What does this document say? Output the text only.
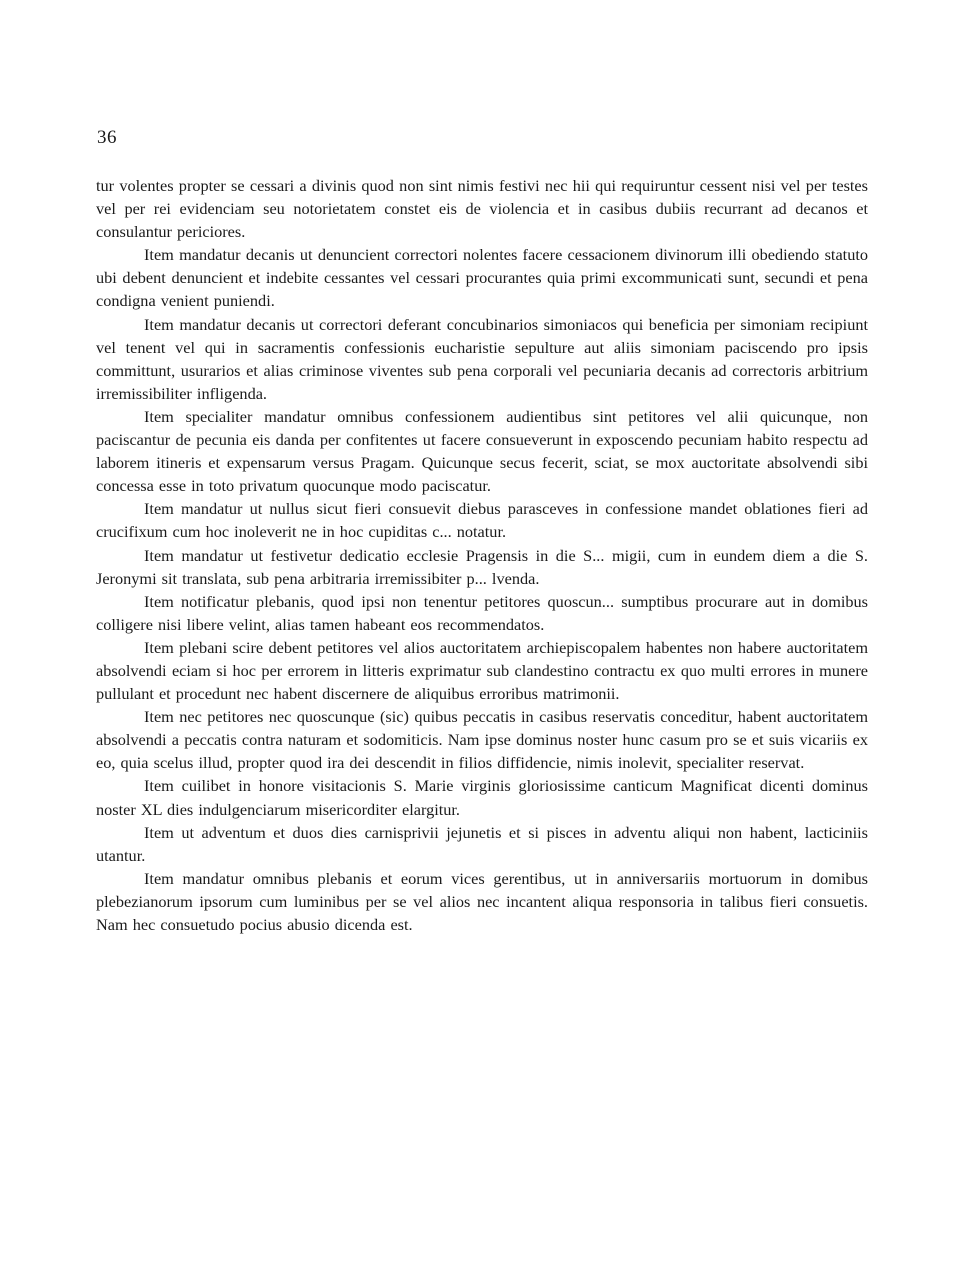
36

tur volentes propter se cessari a divinis quod non sint nimis festivi nec hii qui requiruntur cessent nisi vel per testes vel per rei evidenciam seu notorietatem constet eis de violencia et in casibus dubiis recurrant ad decanos et consulantur periciores.

Item mandatur decanis ut denuncient correctori nolentes facere cessacionem divinorum illi obediendo statuto ubi debent denuncient et indebite cessantes vel cessari procurantes quia primi excommunicati sunt, secundi et pena condigna venient puniendi.

Item mandatur decanis ut correctori deferant concubinarios simoniacos qui beneficia per simoniam recipiunt vel tenent vel qui in sacramentis confessionis eucharistie sepulture aut aliis simoniam paciscendo pro ipsis committunt, usurarios et alias criminose viventes sub pena corporali vel pecuniaria decanis ad correctoris arbitrium irremissibiliter infligenda.

Item specialiter mandatur omnibus confessionem audientibus sint petitores vel alii quicunque, non paciscantur de pecunia eis danda per confitentes ut facere consueverunt in exposcendo pecuniam habito respectu ad laborem itineris et expensarum versus Pragam. Quicunque secus fecerit, sciat, se mox auctoritate absolvendi sibi concessa esse in toto privatum quocunque modo paciscatur.

Item mandatur ut nullus sicut fieri consuevit diebus parasceves in confessione mandet oblationes fieri ad crucifixum cum hoc inoleverit ne in hoc cupiditas c... notatur.

Item mandatur ut festivetur dedicatio ecclesie Pragensis in die S... migii, cum in eundem diem a die S. Jeronymi sit translata, sub pena arbitraria irremissibiter p... lvenda.

Item notificatur plebanis, quod ipsi non tenentur petitores quoscun... sumptibus procurare aut in domibus colligere nisi libere velint, alias tamen habeant eos recommendatos.

Item plebani scire debent petitores vel alios auctoritatem archiepiscopalem habentes non habere auctoritatem absolvendi eciam si hoc per errorem in litteris exprimatur sub clandestino contractu ex quo multi errores in munere pullulant et procedunt nec habent discernere de aliquibus erroribus matrimonii.

Item nec petitores nec quoscunque (sic) quibus peccatis in casibus reservatis conceditur, habent auctoritatem absolvendi a peccatis contra naturam et sodomiticis. Nam ipse dominus noster hunc casum pro se et suis vicariis ex eo, quia scelus illud, propter quod ira dei descendit in filios diffidencie, nimis inolevit, specialiter reservat.

Item cuilibet in honore visitacionis S. Marie virginis gloriosissime canticum Magnificat dicenti dominus noster XL dies indulgenciarum misericorditer elargitur.

Item ut adventum et duos dies carnisprivii jejunetis et si pisces in adventu aliqui non habent, lacticiniis utantur.

Item mandatur omnibus plebanis et eorum vices gerentibus, ut in anniversariis mortuorum in domibus plebezianorum ipsorum cum luminibus per se vel alios nec incantent aliqua responsoria in talibus fieri consuetis. Nam hec consuetudo pocius abusio dicenda est.
